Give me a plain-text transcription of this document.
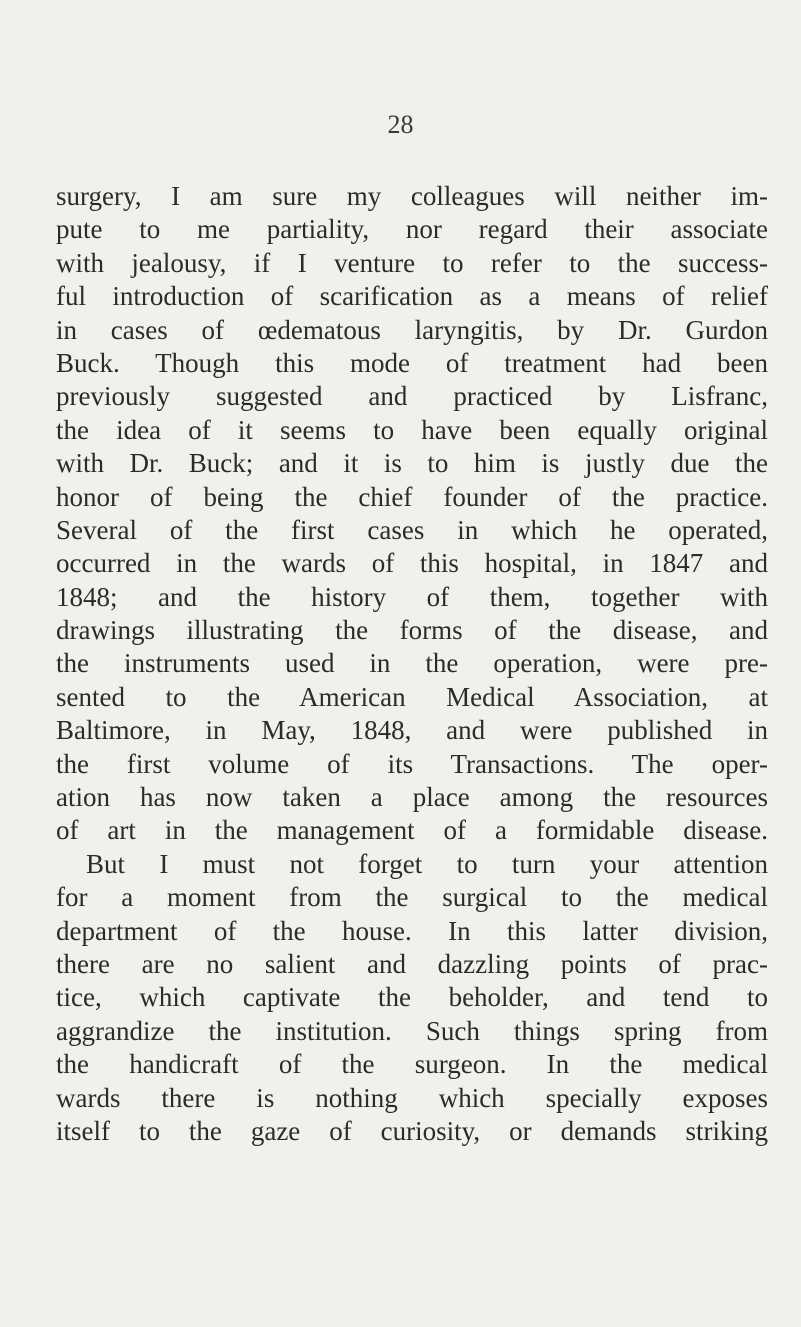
28
surgery, I am sure my colleagues will neither im-
pute to me partiality, nor regard their associate
with jealousy, if I venture to refer to the success-
ful introduction of scarification as a means of relief
in cases of œdematous laryngitis, by Dr. Gurdon
Buck. Though this mode of treatment had been
previously suggested and practiced by Lisfranc,
the idea of it seems to have been equally original
with Dr. Buck; and it is to him is justly due the
honor of being the chief founder of the practice.
Several of the first cases in which he operated,
occurred in the wards of this hospital, in 1847 and
1848; and the history of them, together with
drawings illustrating the forms of the disease, and
the instruments used in the operation, were pre-
sented to the American Medical Association, at
Baltimore, in May, 1848, and were published in
the first volume of its Transactions. The oper-
ation has now taken a place among the resources
of art in the management of a formidable disease.
But I must not forget to turn your attention
for a moment from the surgical to the medical
department of the house. In this latter division,
there are no salient and dazzling points of prac-
tice, which captivate the beholder, and tend to
aggrandize the institution. Such things spring from
the handicraft of the surgeon. In the medical
wards there is nothing which specially exposes
itself to the gaze of curiosity, or demands striking
